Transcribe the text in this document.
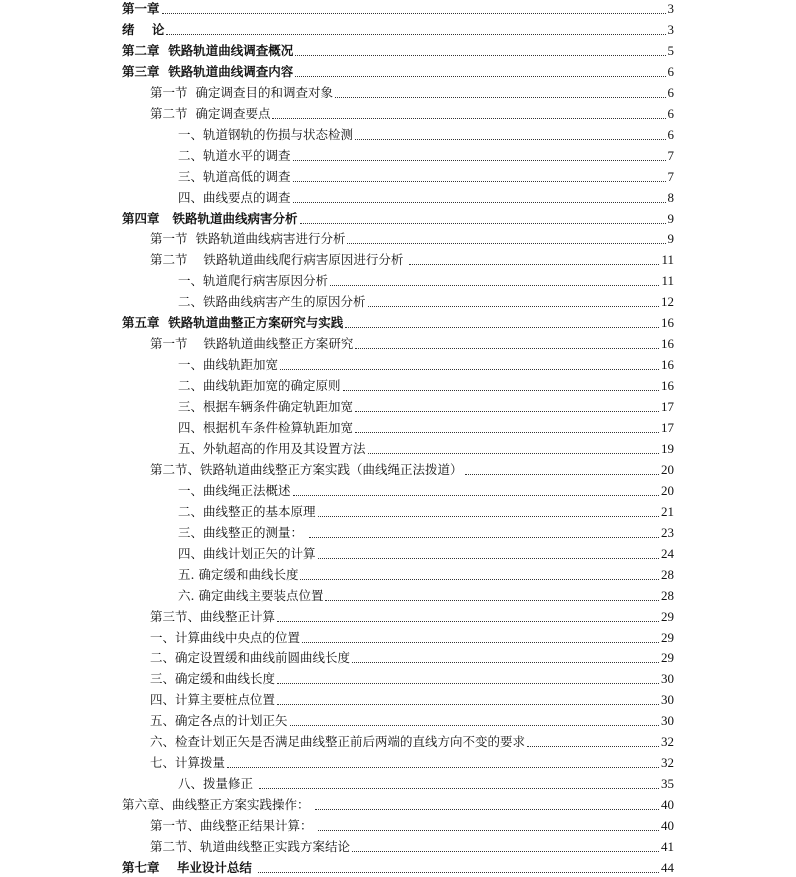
第一章	3
绪    论	3
第二章  铁路轨道曲线调查概况	5
第三章  铁路轨道曲线调查内容	6
第一节  确定调查目的和调查对象	6
第二节  确定调查要点	6
一、轨道钢轨的伤损与状态检测	6
二、轨道水平的调查	7
三、轨道高低的调查	7
四、曲线要点的调查	8
第四章   铁路轨道曲线病害分析	9
第一节  铁路轨道曲线病害进行分析	9
第二节    铁路轨道曲线爬行病害原因进行分析	11
一、轨道爬行病害原因分析	11
二、铁路曲线病害产生的原因分析	12
第五章  铁路轨道曲整正方案研究与实践	16
第一节    铁路轨道曲线整正方案研究	16
一、曲线轨距加宽	16
二、曲线轨距加宽的确定原则	16
三、根据车辆条件确定轨距加宽	17
四、根据机车条件检算轨距加宽	17
五、外轨超高的作用及其设置方法	19
第二节、铁路轨道曲线整正方案实践（曲线绳正法拨道）	20
一、曲线绳正法概述	20
二、曲线整正的基本原理	21
三、曲线整正的测量：	23
四、曲线计划正矢的计算	24
五. 确定缓和曲线长度	28
六. 确定曲线主要装点位置	28
第三节、曲线整正计算	29
一、计算曲线中央点的位置	29
二、确定设置缓和曲线前圆曲线长度	29
三、确定缓和曲线长度	30
四、计算主要桩点位置	30
五、确定各点的计划正矢	30
六、检查计划正矢是否满足曲线整正前后两端的直线方向不变的要求	32
七、计算拨量	32
八、拨量修正	35
第六章、曲线整正方案实践操作：	40
第一节、曲线整正结果计算：	40
第二节、轨道曲线整正实践方案结论	41
第七章    毕业设计总结	44
